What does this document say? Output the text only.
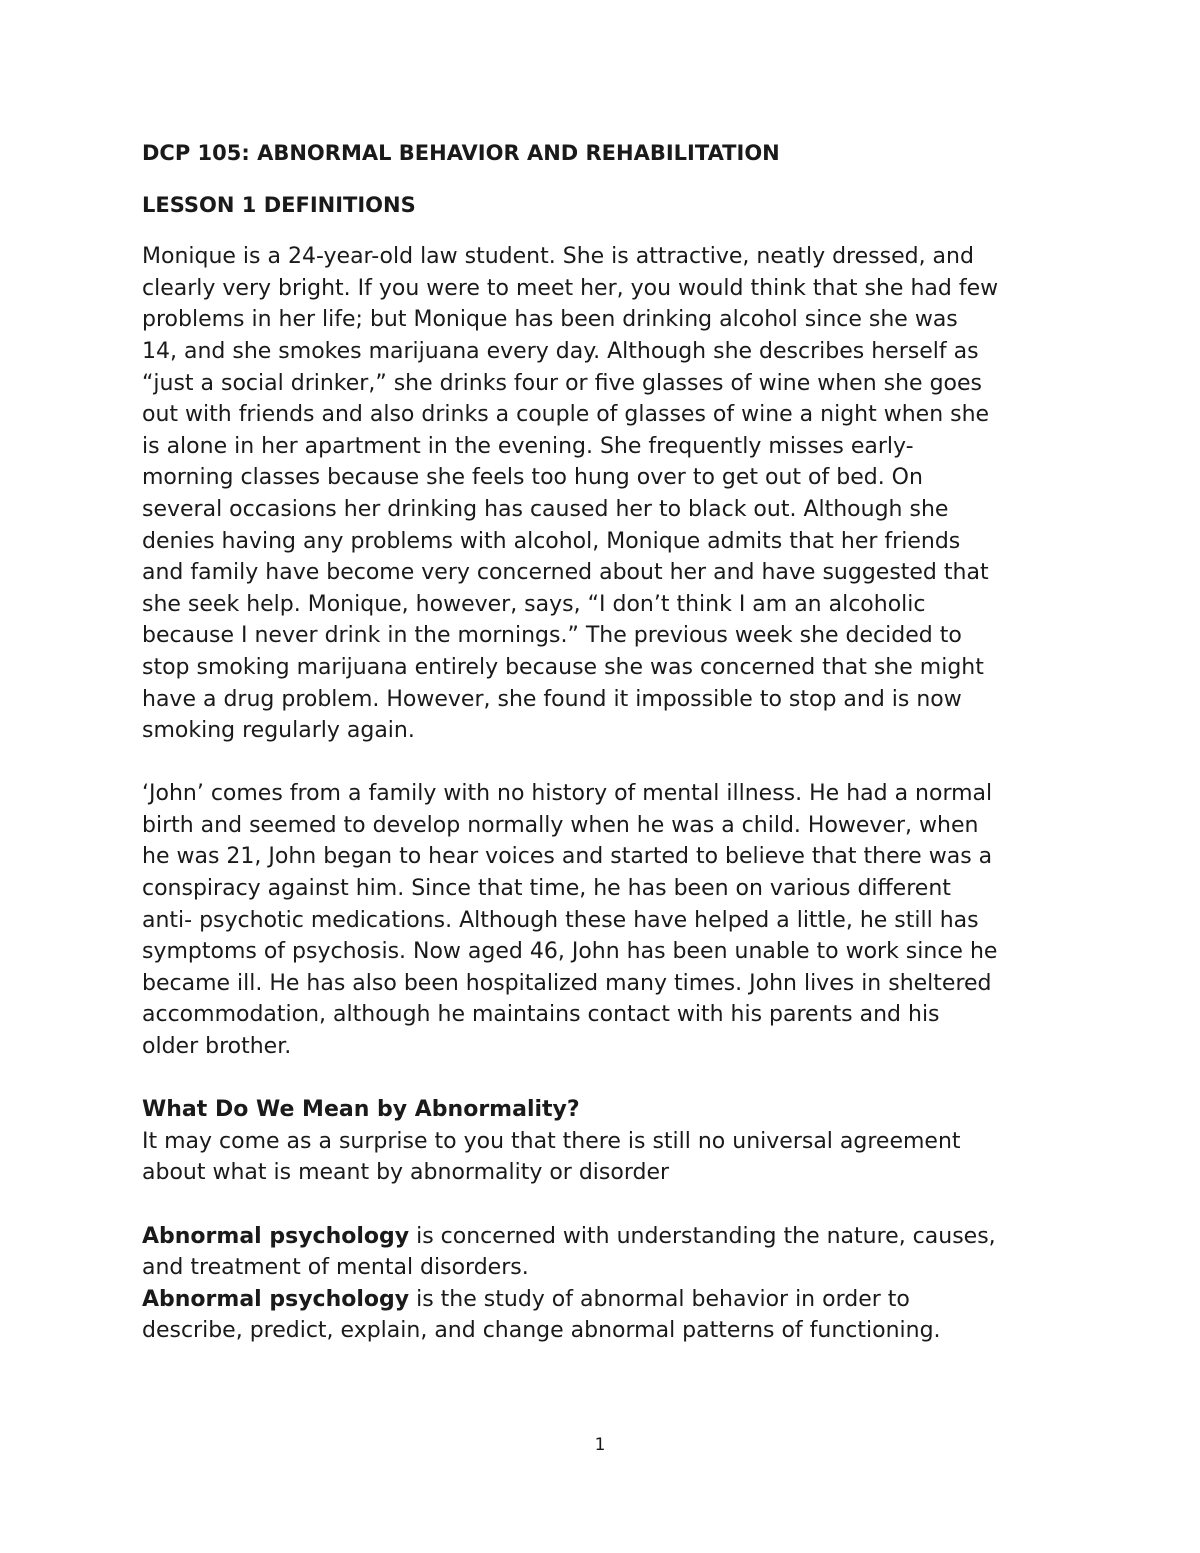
DCP 105: ABNORMAL BEHAVIOR AND REHABILITATION

LESSON 1 DEFINITIONS

Monique is a 24-year-old law student. She is attractive, neatly dressed, and
clearly very bright. If you were to meet her, you would think that she had few
problems in her life; but Monique has been drinking alcohol since she was
14, and she smokes marijuana every day. Although she describes herself as
“just a social drinker,” she drinks four or five glasses of wine when she goes
out with friends and also drinks a couple of glasses of wine a night when she
is alone in her apartment in the evening. She frequently misses early-
morning classes because she feels too hung over to get out of bed. On
several occasions her drinking has caused her to black out. Although she
denies having any problems with alcohol, Monique admits that her friends
and family have become very concerned about her and have suggested that
she seek help. Monique, however, says, “I don’t think I am an alcoholic
because I never drink in the mornings.” The previous week she decided to
stop smoking marijuana entirely because she was concerned that she might
have a drug problem. However, she found it impossible to stop and is now
smoking regularly again.

‘John’ comes from a family with no history of mental illness. He had a normal
birth and seemed to develop normally when he was a child. However, when
he was 21, John began to hear voices and started to believe that there was a
conspiracy against him. Since that time, he has been on various different
anti- psychotic medications. Although these have helped a little, he still has
symptoms of psychosis. Now aged 46, John has been unable to work since he
became ill. He has also been hospitalized many times. John lives in sheltered
accommodation, although he maintains contact with his parents and his
older brother.

What Do We Mean by Abnormality?

It may come as a surprise to you that there is still no universal agreement
about what is meant by abnormality or disorder

Abnormal psychology is concerned with understanding the nature, causes,
and treatment of mental disorders.

Abnormal psychology is the study of abnormal behavior in order to
describe, predict, explain, and change abnormal patterns of functioning.

1
